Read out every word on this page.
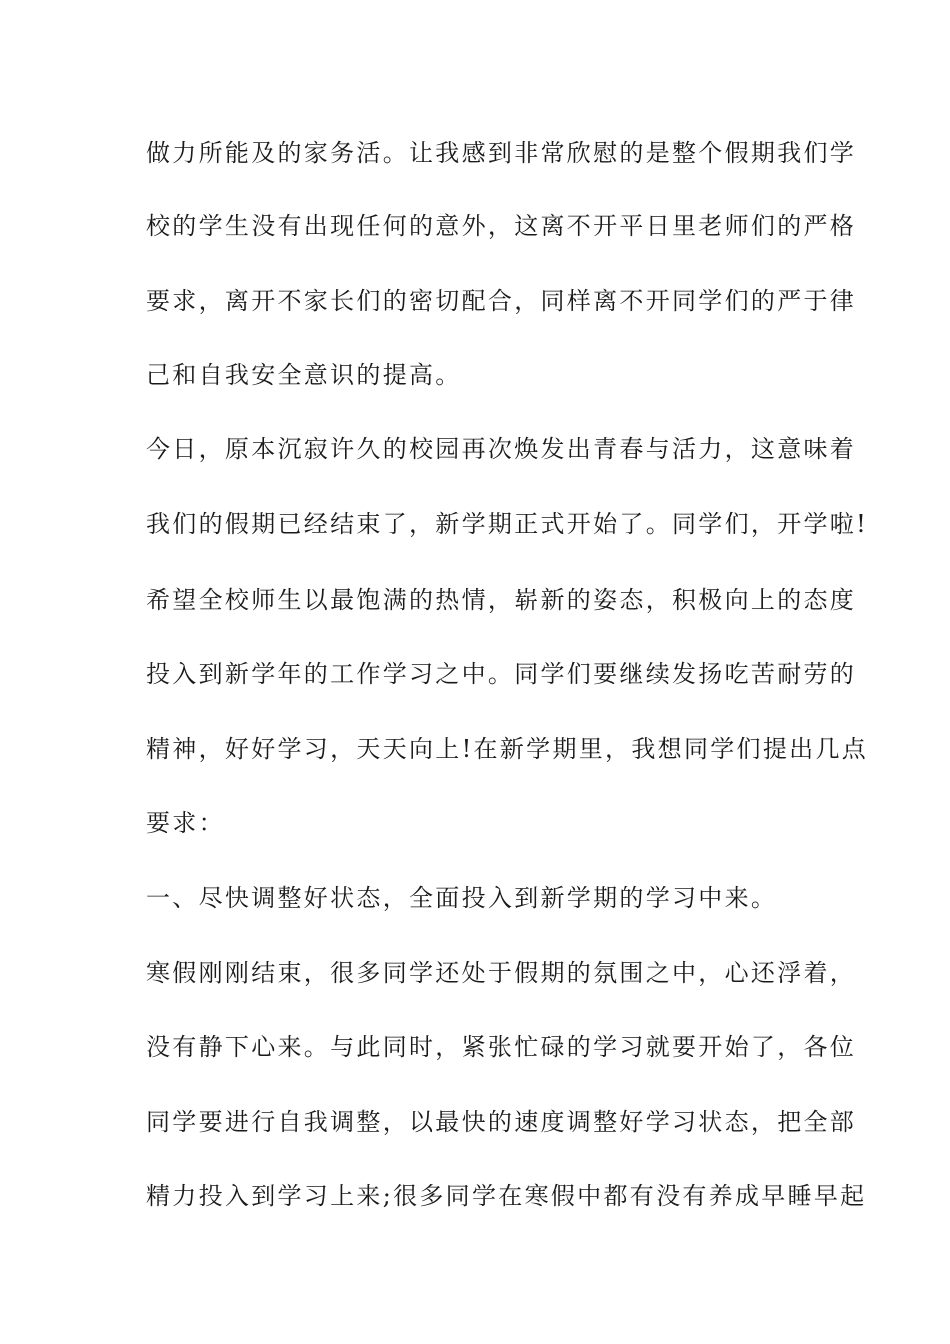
做力所能及的家务活。让我感到非常欣慰的是整个假期我们学
校的学生没有出现任何的意外，这离不开平日里老师们的严格
要求，离开不家长们的密切配合，同样离不开同学们的严于律
己和自我安全意识的提高。
今日，原本沉寂许久的校园再次焕发出青春与活力，这意味着
我们的假期已经结束了，新学期正式开始了。同学们，开学啦!
希望全校师生以最饱满的热情，崭新的姿态，积极向上的态度
投入到新学年的工作学习之中。同学们要继续发扬吃苦耐劳的
精神，好好学习，天天向上!在新学期里，我想同学们提出几点
要求：
一、尽快调整好状态，全面投入到新学期的学习中来。
寒假刚刚结束，很多同学还处于假期的氛围之中，心还浮着，
没有静下心来。与此同时，紧张忙碌的学习就要开始了，各位
同学要进行自我调整，以最快的速度调整好学习状态，把全部
精力投入到学习上来;很多同学在寒假中都有没有养成早睡早起
